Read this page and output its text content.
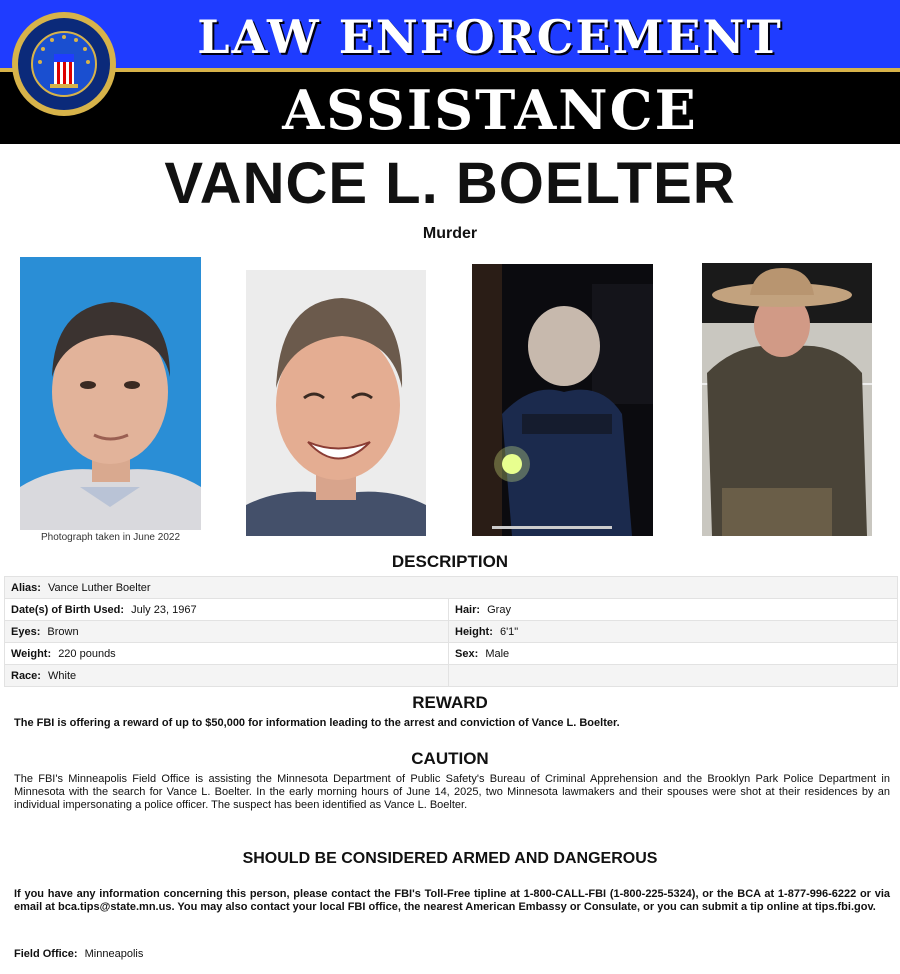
LAW ENFORCEMENT
ASSISTANCE
VANCE L. BOELTER
Murder
Photograph taken in June 2022
DESCRIPTION
Alias: Vance Luther Boelter	
Date(s) of Birth Used: July 23, 1967	Hair: Gray
Eyes: Brown	Height: 6'1"
Weight: 220 pounds	Sex: Male
Race: White	
REWARD
The FBI is offering a reward of up to $50,000 for information leading to the arrest and conviction of Vance L. Boelter.
CAUTION
The FBI's Minneapolis Field Office is assisting the Minnesota Department of Public Safety's Bureau of Criminal Apprehension and the Brooklyn Park Police Department in Minnesota with the search for Vance L. Boelter. In the early morning hours of June 14, 2025, two Minnesota lawmakers and their spouses were shot at their residences by an individual impersonating a police officer. The suspect has been identified as Vance L. Boelter.
SHOULD BE CONSIDERED ARMED AND DANGEROUS
If you have any information concerning this person, please contact the FBI's Toll-Free tipline at 1-800-CALL-FBI (1-800-225-5324), or the BCA at 1-877-996-6222 or via email at bca.tips@state.mn.us. You may also contact your local FBI office, the nearest American Embassy or Consulate, or you can submit a tip online at tips.fbi.gov.
Field Office: Minneapolis
